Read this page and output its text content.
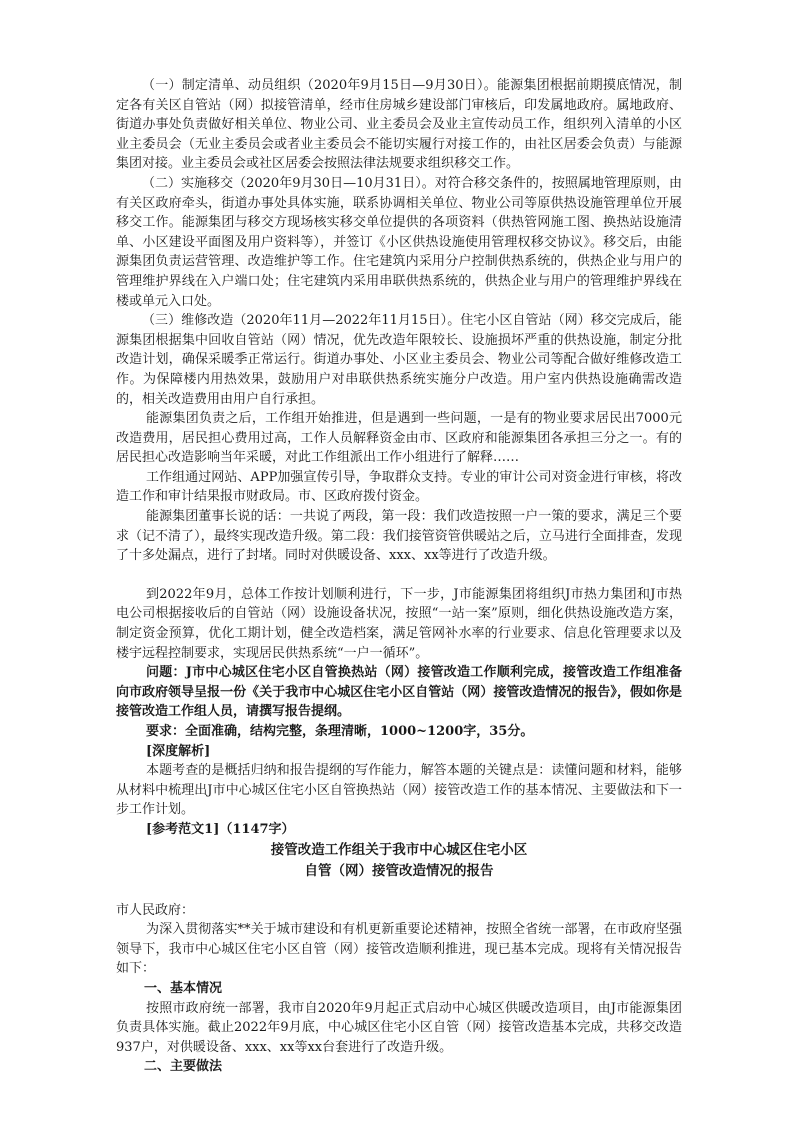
（一）制定清单、动员组织（2020年9月15日—9月30日）。能源集团根据前期摸底情况，制定各有关区自管站（网）拟接管清单，经市住房城乡建设部门审核后，印发属地政府。属地政府、街道办事处负责做好相关单位、物业公司、业主委员会及业主宣传动员工作，组织列入清单的小区业主委员会（无业主委员会或者业主委员会不能切实履行对接工作的，由社区居委会负责）与能源集团对接。业主委员会或社区居委会按照法律法规要求组织移交工作。

（二）实施移交（2020年9月30日—10月31日）。对符合移交条件的，按照属地管理原则，由有关区政府牵头，街道办事处具体实施，联系协调相关单位、物业公司等原供热设施管理单位开展移交工作。能源集团与移交方现场核实移交单位提供的各项资料（供热管网施工图、换热站设施清单、小区建设平面图及用户资料等），并签订《小区供热设施使用管理权移交协议》。移交后，由能源集团负责运营管理、改造维护等工作。住宅建筑内采用分户控制供热系统的，供热企业与用户的管理维护界线在入户端口处；住宅建筑内采用串联供热系统的，供热企业与用户的管理维护界线在楼或单元入口处。

（三）维修改造（2020年11月—2022年11月15日）。住宅小区自管站（网）移交完成后，能源集团根据集中回收自管站（网）情况，优先改造年限较长、设施损坏严重的供热设施，制定分批改造计划，确保采暖季正常运行。街道办事处、小区业主委员会、物业公司等配合做好维修改造工作。为保障楼内用热效果，鼓励用户对串联供热系统实施分户改造。用户室内供热设施确需改造的，相关改造费用由用户自行承担。

能源集团负责之后，工作组开始推进，但是遇到一些问题，一是有的物业要求居民出7000元改造费用，居民担心费用过高，工作人员解释资金由市、区政府和能源集团各承担三分之一。有的居民担心改造影响当年采暖，对此工作组派出工作小组进行了解释……

工作组通过网站、APP加强宣传引导，争取群众支持。专业的审计公司对资金进行审核，将改造工作和审计结果报市财政局。市、区政府拨付资金。

能源集团董事长说的话：一共说了两段，第一段：我们改造按照一户一策的要求，满足三个要求（记不清了），最终实现改造升级。第二段：我们接管资管供暖站之后，立马进行全面排查，发现了十多处漏点，进行了封堵。同时对供暖设备、xxx、xx等进行了改造升级。

到2022年9月，总体工作按计划顺利进行，下一步，J市能源集团将组织J市热力集团和J市热电公司根据接收后的自管站（网）设施设备状况，按照“一站一案”原则，细化供热设施改造方案，制定资金预算，优化工期计划，健全改造档案，满足管网补水率的行业要求、信息化管理要求以及楼宇远程控制要求，实现居民供热系统“一户一循环”。

问题：J市中心城区住宅小区自管换热站（网）接管改造工作顺利完成，接管改造工作组准备向市政府领导呈报一份《关于我市中心城区住宅小区自管站（网）接管改造情况的报告》，假如你是接管改造工作组人员，请撰写报告提纲。

要求：全面准确，结构完整，条理清晰，1000~1200字，35分。

[深度解析]

本题考查的是概括归纳和报告提纲的写作能力，解答本题的关键点是：读懂问题和材料，能够从材料中梳理出J市中心城区住宅小区自管换热站（网）接管改造工作的基本情况、主要做法和下一步工作计划。

[参考范文1]（1147字）

接管改造工作组关于我市中心城区住宅小区

自管（网）接管改造情况的报告

市人民政府：

为深入贯彻落实**关于城市建设和有机更新重要论述精神，按照全省统一部署，在市政府坚强领导下，我市中心城区住宅小区自管（网）接管改造顺利推进，现已基本完成。现将有关情况报告如下：

一、基本情况

按照市政府统一部署，我市自2020年9月起正式启动中心城区供暖改造项目，由J市能源集团负责具体实施。截止2022年9月底，中心城区住宅小区自管（网）接管改造基本完成，共移交改造937户，对供暖设备、xxx、xx等xx台套进行了改造升级。

二、主要做法
